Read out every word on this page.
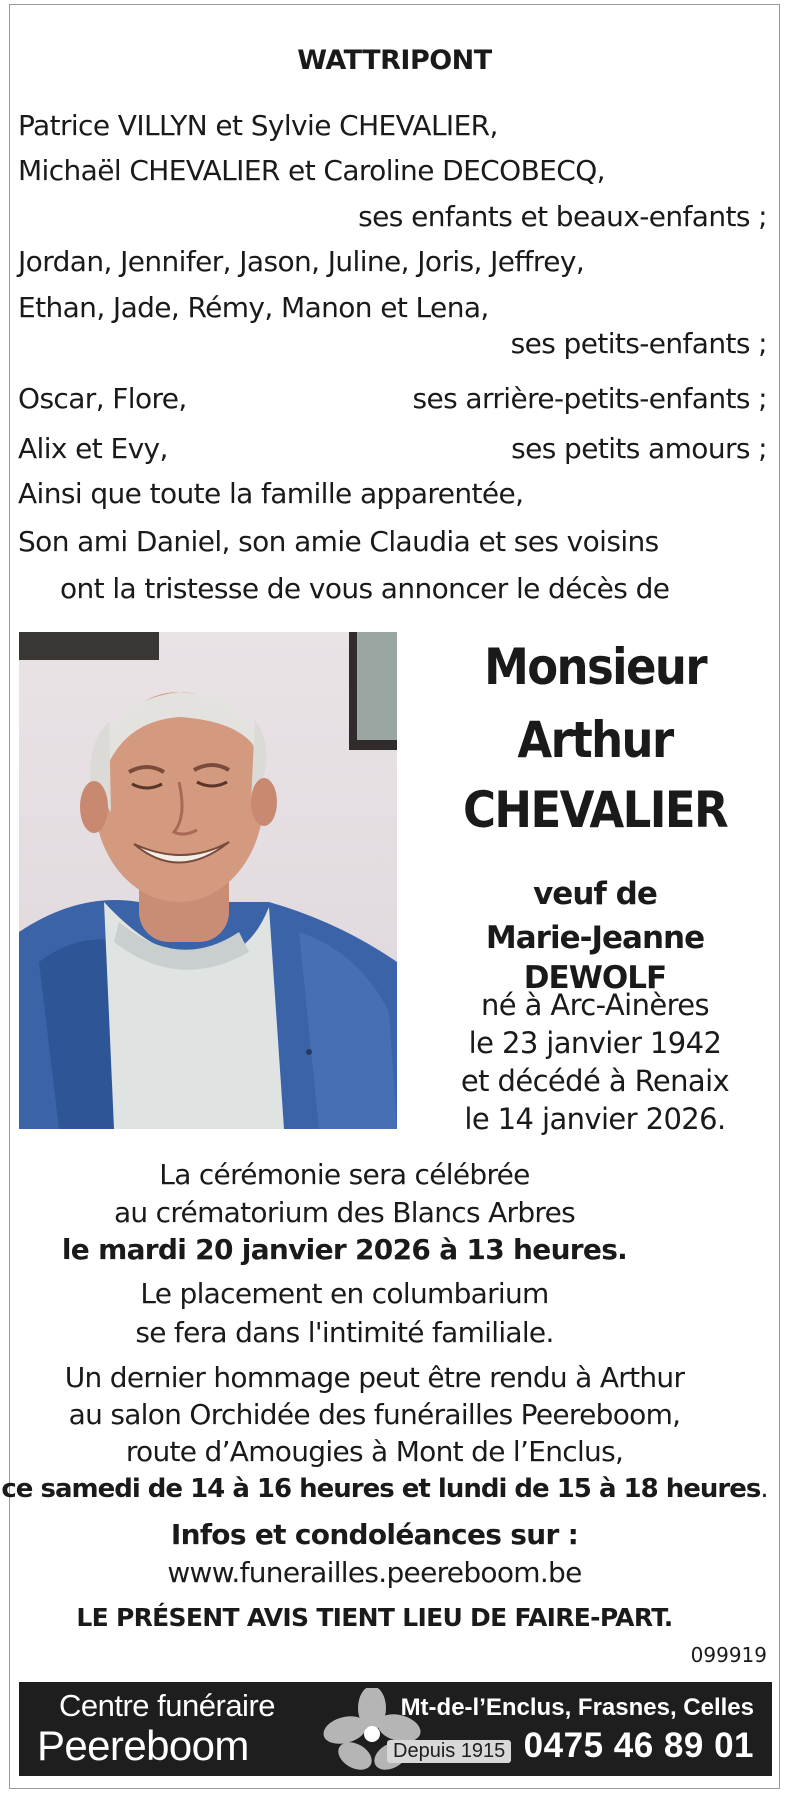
WATTRIPONT
Patrice VILLYN et Sylvie CHEVALIER,
Michaël CHEVALIER et Caroline DECOBECQ,
ses enfants et beaux-enfants ;
Jordan, Jennifer, Jason, Juline, Joris, Jeffrey,
Ethan, Jade, Rémy, Manon et Lena,
ses petits-enfants ;
Oscar, Flore,	ses arrière-petits-enfants ;
Alix et Evy,	ses petits amours ;
Ainsi que toute la famille apparentée,
Son ami Daniel, son amie Claudia et ses voisins
ont la tristesse de vous annoncer le décès de
Monsieur
Arthur
CHEVALIER
veuf de
Marie-Jeanne DEWOLF
né à Arc-Ainères
le 23 janvier 1942
et décédé à Renaix
le 14 janvier 2026.
La cérémonie sera célébrée
au crématorium des Blancs Arbres
le mardi 20 janvier 2026 à 13 heures.
Le placement en columbarium
se fera dans l'intimité familiale.
Un dernier hommage peut être rendu à Arthur
au salon Orchidée des funérailles Peereboom,
route d’Amougies à Mont de l’Enclus,
ce samedi de 14 à 16 heures et lundi de 15 à 18 heures.
Infos et condoléances sur :
www.funerailles.peereboom.be
LE PRÉSENT AVIS TIENT LIEU DE FAIRE-PART.
099919
Centre funéraire
Peereboom	Depuis 1915
Mt-de-l’Enclus, Frasnes, Celles
0475 46 89 01
